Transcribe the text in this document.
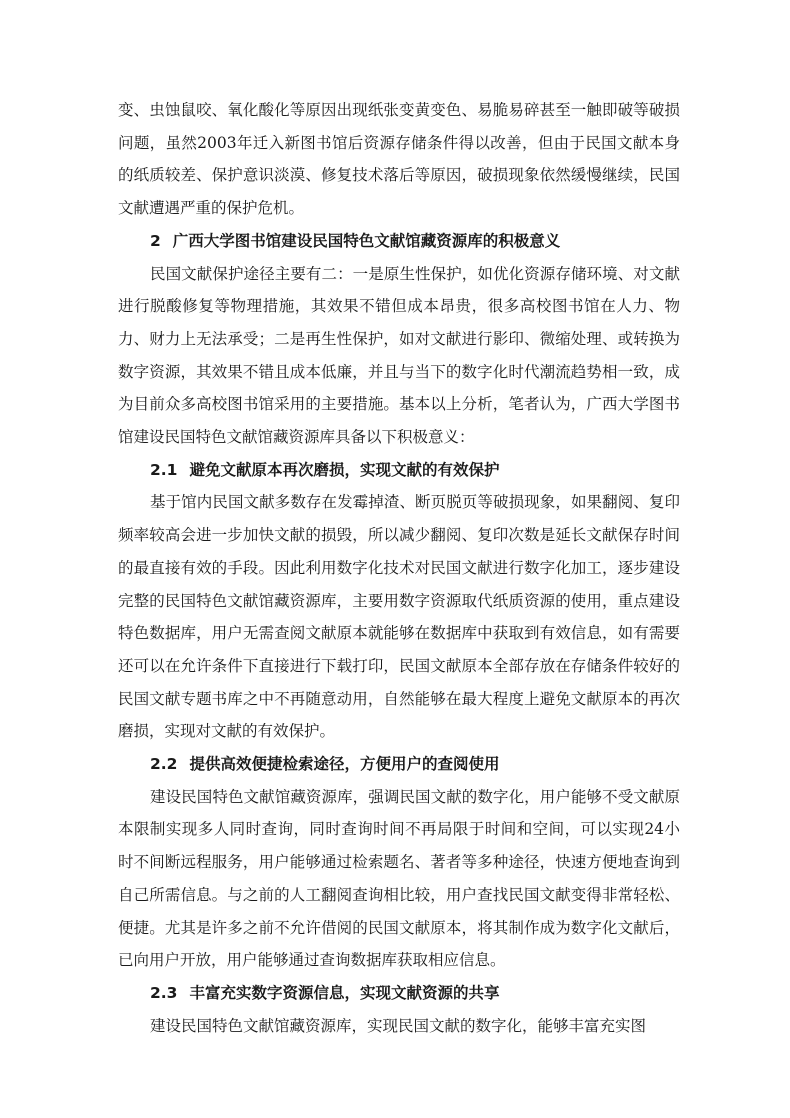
变、虫蚀鼠咬、氧化酸化等原因出现纸张变黄变色、易脆易碎甚至一触即破等破损问题，虽然2003年迁入新图书馆后资源存储条件得以改善，但由于民国文献本身的纸质较差、保护意识淡漠、修复技术落后等原因，破损现象依然缓慢继续，民国文献遭遇严重的保护危机。

2 广西大学图书馆建设民国特色文献馆藏资源库的积极意义

民国文献保护途径主要有二：一是原生性保护，如优化资源存储环境、对文献进行脱酸修复等物理措施，其效果不错但成本昂贵，很多高校图书馆在人力、物力、财力上无法承受；二是再生性保护，如对文献进行影印、微缩处理、或转换为数字资源，其效果不错且成本低廉，并且与当下的数字化时代潮流趋势相一致，成为目前众多高校图书馆采用的主要措施。基本以上分析，笔者认为，广西大学图书馆建设民国特色文献馆藏资源库具备以下积极意义：

2.1 避免文献原本再次磨损，实现文献的有效保护

基于馆内民国文献多数存在发霉掉渣、断页脱页等破损现象，如果翻阅、复印频率较高会进一步加快文献的损毁，所以减少翻阅、复印次数是延长文献保存时间的最直接有效的手段。因此利用数字化技术对民国文献进行数字化加工，逐步建设完整的民国特色文献馆藏资源库，主要用数字资源取代纸质资源的使用，重点建设特色数据库，用户无需查阅文献原本就能够在数据库中获取到有效信息，如有需要还可以在允许条件下直接进行下载打印，民国文献原本全部存放在存储条件较好的民国文献专题书库之中不再随意动用，自然能够在最大程度上避免文献原本的再次磨损，实现对文献的有效保护。

2.2 提供高效便捷检索途径，方便用户的查阅使用

建设民国特色文献馆藏资源库，强调民国文献的数字化，用户能够不受文献原本限制实现多人同时查询，同时查询时间不再局限于时间和空间，可以实现24小时不间断远程服务，用户能够通过检索题名、著者等多种途径，快速方便地查询到自己所需信息。与之前的人工翻阅查询相比较，用户查找民国文献变得非常轻松、便捷。尤其是许多之前不允许借阅的民国文献原本，将其制作成为数字化文献后，已向用户开放，用户能够通过查询数据库获取相应信息。

2.3 丰富充实数字资源信息，实现文献资源的共享

建设民国特色文献馆藏资源库，实现民国文献的数字化，能够丰富充实图
